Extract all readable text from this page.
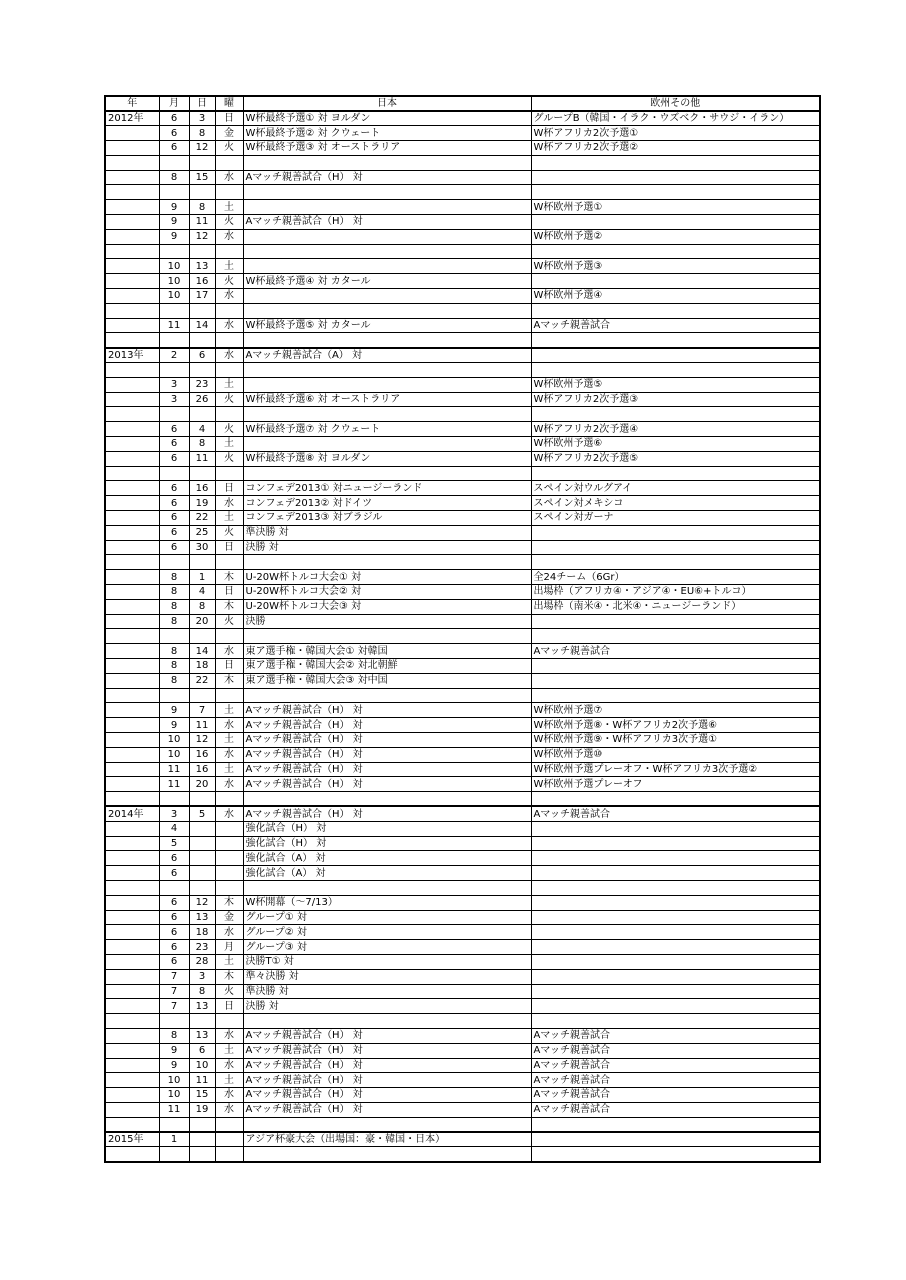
年	月	日	曜	日本	欧州その他
2012年	6	3	日	W杯最終予選① 対 ヨルダン	グループB（韓国・イラク・ウズベク・サウジ・イラン）
	6	8	金	W杯最終予選② 対 クウェート	W杯アフリカ2次予選①
	6	12	火	W杯最終予選③ 対 オーストラリア	W杯アフリカ2次予選②

	8	15	水	Aマッチ親善試合（H） 対	

	9	8	土		W杯欧州予選①
	9	11	火	Aマッチ親善試合（H） 対	
	9	12	水		W杯欧州予選②

	10	13	土		W杯欧州予選③
	10	16	火	W杯最終予選④ 対 カタール	
	10	17	水		W杯欧州予選④

	11	14	水	W杯最終予選⑤ 対 カタール	Aマッチ親善試合

2013年	2	6	水	Aマッチ親善試合（A） 対	

	3	23	土		W杯欧州予選⑤
	3	26	火	W杯最終予選⑥ 対 オーストラリア	W杯アフリカ2次予選③

	6	4	火	W杯最終予選⑦ 対 クウェート	W杯アフリカ2次予選④
	6	8	土		W杯欧州予選⑥
	6	11	火	W杯最終予選⑧ 対 ヨルダン	W杯アフリカ2次予選⑤

	6	16	日	コンフェデ2013① 対ニュージーランド	スペイン対ウルグアイ
	6	19	水	コンフェデ2013② 対ドイツ	スペイン対メキシコ
	6	22	土	コンフェデ2013③ 対ブラジル	スペイン対ガーナ
	6	25	火	準決勝 対	
	6	30	日	決勝 対	

	8	1	木	U-20W杯トルコ大会① 対	全24チーム（6Gr）
	8	4	日	U-20W杯トルコ大会② 対	出場枠（アフリカ④・アジア④・EU⑥+トルコ）
	8	8	木	U-20W杯トルコ大会③ 対	出場枠（南米④・北米④・ニュージーランド）
	8	20	火	決勝	

	8	14	水	東ア選手権・韓国大会① 対韓国	Aマッチ親善試合
	8	18	日	東ア選手権・韓国大会② 対北朝鮮	
	8	22	木	東ア選手権・韓国大会③ 対中国	

	9	7	土	Aマッチ親善試合（H） 対	W杯欧州予選⑦
	9	11	水	Aマッチ親善試合（H） 対	W杯欧州予選⑧・W杯アフリカ2次予選⑥
	10	12	土	Aマッチ親善試合（H） 対	W杯欧州予選⑨・W杯アフリカ3次予選①
	10	16	水	Aマッチ親善試合（H） 対	W杯欧州予選⑩
	11	16	土	Aマッチ親善試合（H） 対	W杯欧州予選プレーオフ・W杯アフリカ3次予選②
	11	20	水	Aマッチ親善試合（H） 対	W杯欧州予選プレーオフ

2014年	3	5	水	Aマッチ親善試合（H） 対	Aマッチ親善試合
	4			強化試合（H） 対	
	5			強化試合（H） 対	
	6			強化試合（A） 対	
	6			強化試合（A） 対	

	6	12	木	W杯開幕（～7/13）	
	6	13	金	グループ① 対	
	6	18	水	グループ② 対	
	6	23	月	グループ③ 対	
	6	28	土	決勝T① 対	
	7	3	木	準々決勝 対	
	7	8	火	準決勝 対	
	7	13	日	決勝 対	

	8	13	水	Aマッチ親善試合（H） 対	Aマッチ親善試合
	9	6	土	Aマッチ親善試合（H） 対	Aマッチ親善試合
	9	10	水	Aマッチ親善試合（H） 対	Aマッチ親善試合
	10	11	土	Aマッチ親善試合（H） 対	Aマッチ親善試合
	10	15	水	Aマッチ親善試合（H） 対	Aマッチ親善試合
	11	19	水	Aマッチ親善試合（H） 対	Aマッチ親善試合

2015年	1			アジア杯豪大会（出場国：豪・韓国・日本）	
